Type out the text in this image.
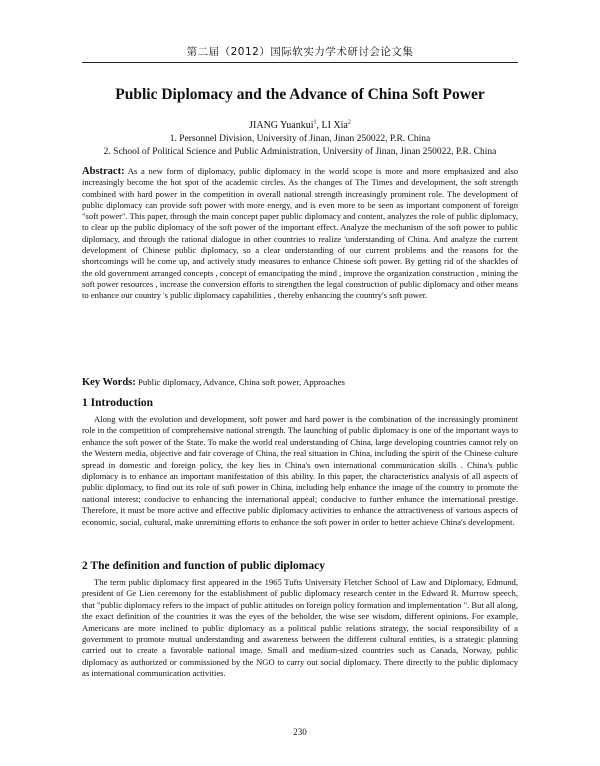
第二届（2012）国际软实力学术研讨会论文集
Public Diplomacy and the Advance of China Soft Power
JIANG Yuankui$^1$, LI Xia$^2$
1. Personnel Division, University of Jinan, Jinan 250022, P.R. China
2. School of Political Science and Public Administration, University of Jinan, Jinan 250022, P.R. China
Abstract: As a new form of diplomacy, public diplomacy in the world scope is more and more emphasized and also increasingly become the hot spot of the academic circles. As the changes of The Times and development, the soft strength combined with hard power in the competition in overall national strength increasingly prominent role. The development of public diplomacy can provide soft power with more energy, and is even more to be seen as important component of foreign "soft power". This paper, through the main concept paper public diplomacy and content, analyzes the role of public diplomacy, to clear up the public diplomacy of the soft power of the important effect. Analyze the mechanism of the soft power to public diplomacy, and through the rational dialogue in other countries to realize 'understanding of China. And analyze the current development of Chinese public diplomacy, so a clear understanding of our current problems and the reasons for the shortcomings will be come up, and actively study measures to enhance Chinese soft power. By getting rid of the shackles of the old government arranged concepts , concept of emancipating the mind , improve the organization construction , mining the soft power resources , increase the conversion efforts to strengthen the legal construction of public diplomacy and other means to enhance our country 's public diplomacy capabilities , thereby enhancing the country's soft power.
Key Words: Public diplomacy, Advance, China soft power, Approaches
1 Introduction
Along with the evolution and development, soft power and hard power is the combination of the increasingly prominent role in the competition of comprehensive national strength. The launching of public diplomacy is one of the important ways to enhance the soft power of the State. To make the world real understanding of China, large developing countries cannot rely on the Western media, objective and fair coverage of China, the real situation in China, including the spirit of the Chinese culture spread in domestic and foreign policy, the key lies in China's own international communication skills . China's public diplomacy is to enhance an important manifestation of this ability. In this paper, the characteristics analysis of all aspects of public diplomacy, to find out its role of soft power in China, including help enhance the image of the country to promote the national interest; conducive to enhancing the international appeal; conducive to further enhance the international prestige. Therefore, it must be more active and effective public diplomacy activities to enhance the attractiveness of various aspects of economic, social, cultural, make unremitting efforts to enhance the soft power in order to better achieve China's development.
2 The definition and function of public diplomacy
The term public diplomacy first appeared in the 1965 Tufts University Fletcher School of Law and Diplomacy, Edmund, president of Ge Lien ceremony for the establishment of public diplomacy research center in the Edward R. Murrow speech, that "public diplomacy refers to the impact of public attitudes on foreign policy formation and implementation ". But all along, the exact definition of the countries it was the eyes of the beholder, the wise see wisdom, different opinions. For example, Americans are more inclined to public diplomacy as a political public relations strategy, the social responsibility of a government to promote mutual understanding and awareness between the different cultural entities, is a strategic planning carried out to create a favorable national image. Small and medium-sized countries such as Canada, Norway, public diplomacy as authorized or commissioned by the NGO to carry out social diplomacy. There directly to the public diplomacy as international communication activities.
230
